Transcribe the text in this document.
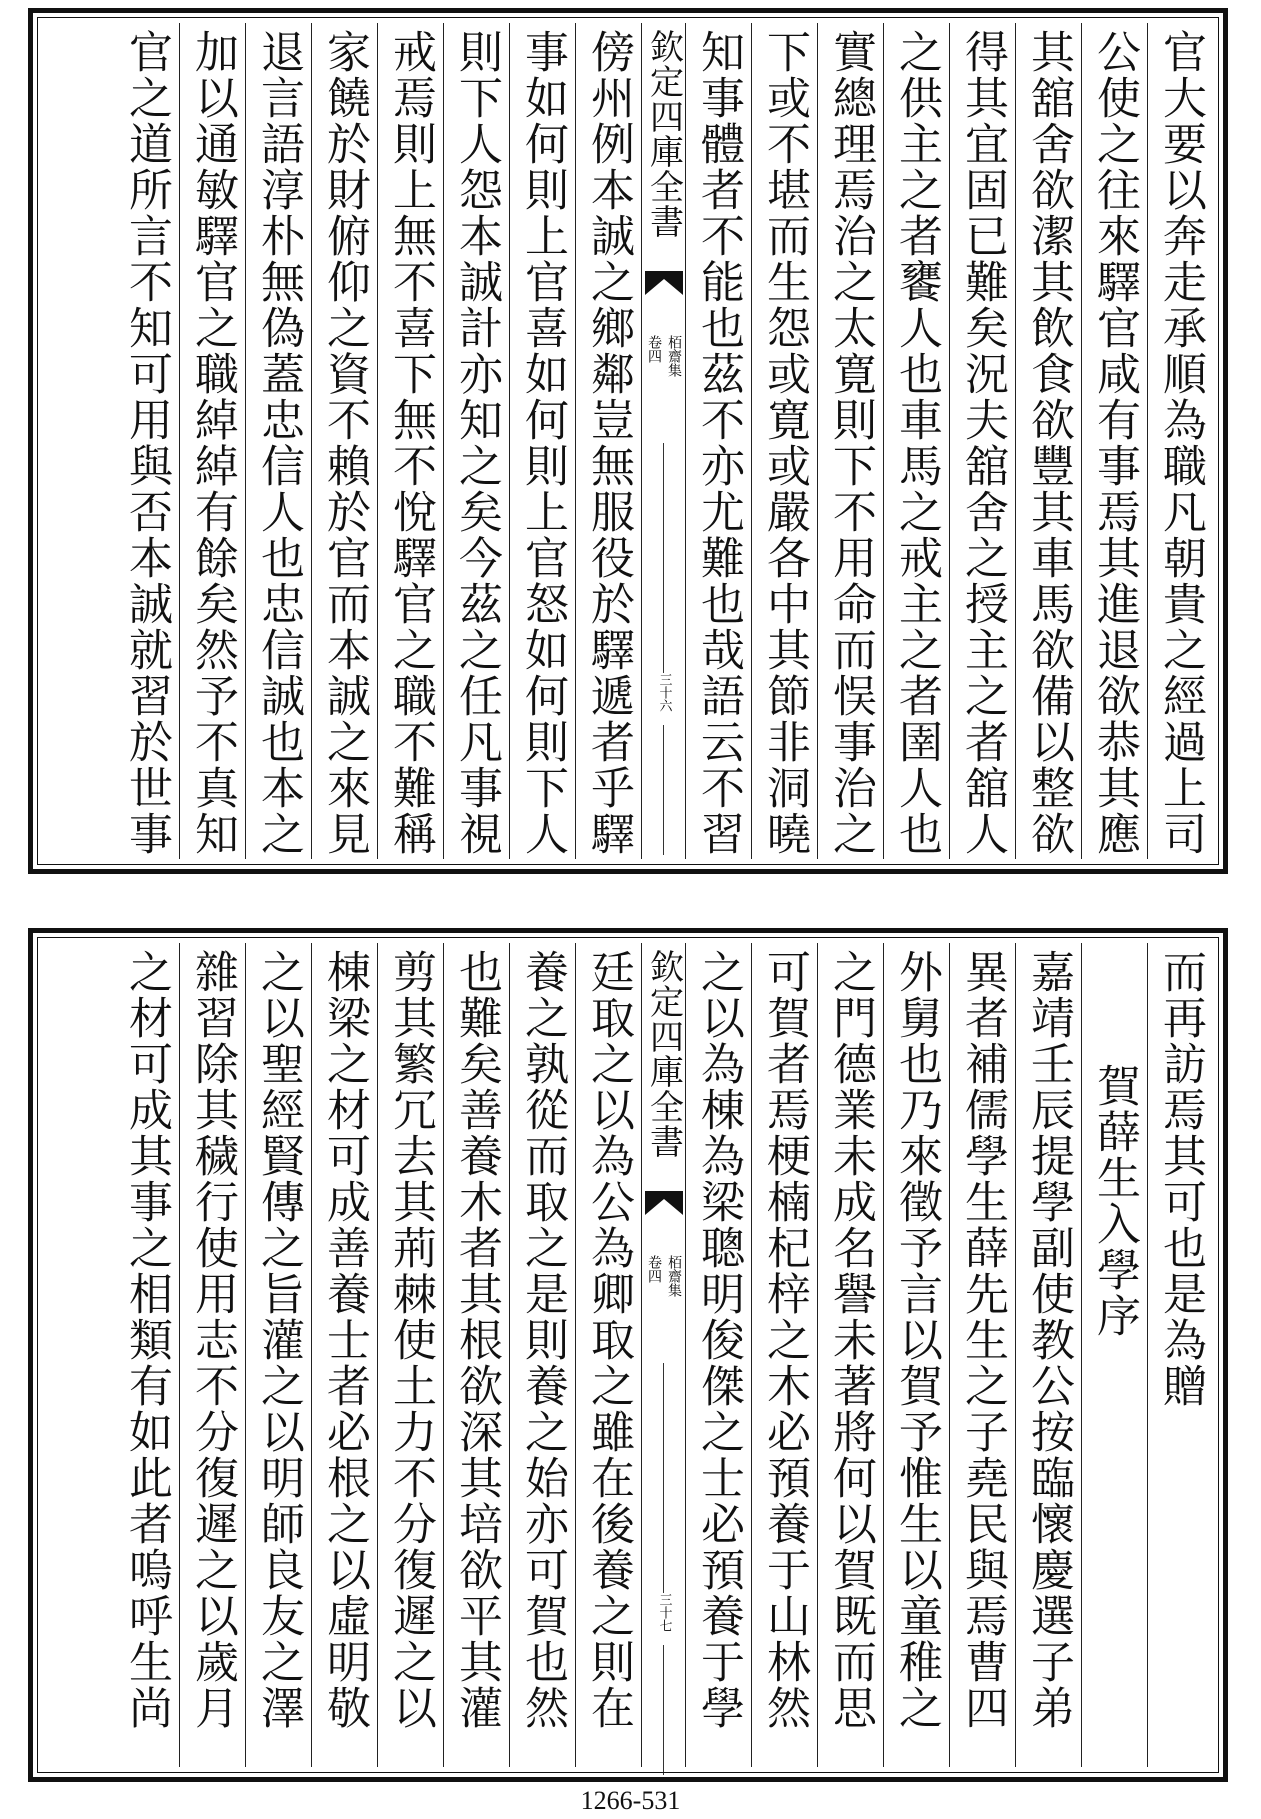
官大要以奔走承順為職凡朝貴之經過上司
公使之往來驛官咸有事焉其進退欲恭其應
其舘舍欲潔其飲食欲豐其車馬欲備以整欲
得其宜固已難矣況夫舘舍之授主之者舘人
之供主之者饔人也車馬之戒主之者圉人也
實總理焉治之太寛則下不用命而悮事治之
下或不堪而生怨或寛或嚴各中其節非洞曉
知事體者不能也茲不亦尤難也哉語云不習
欽定四庫全書
栢齋集
卷四
三十六
傍州例本誠之鄉鄰豈無服役於驛遞者乎驛
事如何則上官喜如何則上官怒如何則下人
則下人怨本誠計亦知之矣今茲之任凡事視
戒焉則上無不喜下無不悅驛官之職不難稱
家饒於財俯仰之資不賴於官而本誠之來見
退言語淳朴無偽蓋忠信人也忠信誠也本之
加以通敏驛官之職綽綽有餘矣然予不真知
官之道所言不知可用與否本誠就習於世事
而再訪焉其可也是為贈
賀薛生入學序
嘉靖壬辰提學副使教公按臨懷慶選子弟
異者補儒學生薛先生之子堯民與焉曹四
外舅也乃來徵予言以賀予惟生以童稚之
之門德業未成名譽未著將何以賀既而思
可賀者焉梗楠杞梓之木必預養于山林然
之以為棟為梁聰明俊傑之士必預養于學
欽定四庫全書
栢齋集
卷四
三十七
廷取之以為公為卿取之雖在後養之則在
養之孰從而取之是則養之始亦可賀也然
也難矣善養木者其根欲深其培欲平其灌
剪其繁冗去其荊棘使土力不分復遲之以
棟梁之材可成善養士者必根之以虛明敬
之以聖經賢傳之旨灌之以明師良友之澤
雜習除其穢行使用志不分復遲之以歲月
之材可成其事之相類有如此者嗚呼生尚
1266-531
